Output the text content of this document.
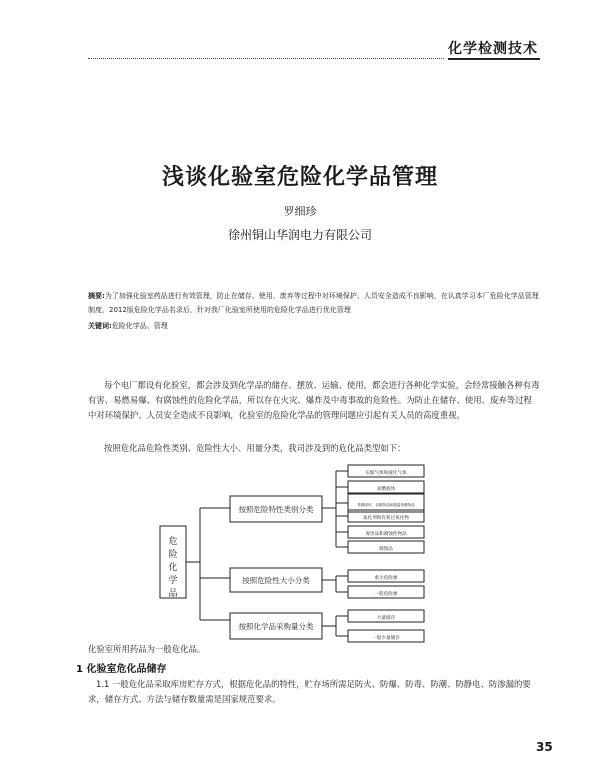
化学检测技术
浅谈化验室危险化学品管理
罗细珍
徐州铜山华润电力有限公司
摘要:为了加强化验室药品进行有效管理，防止在储存、使用、废弃等过程中对环境保护、人员安全造成不良影响，在认真学习本厂危险化学品管理制度，2012版危险化学品名录后，针对我厂化验室所使用的危险化学品进行优化管理
关键词:危险化学品、管理
每个电厂都设有化验室，都会涉及到化学品的储存、摆放、运输、使用，都会进行各种化学实验，会经常接触各种有毒有害、易燃易爆、有腐蚀性的危险化学品，所以存在火灾、爆炸及中毒事故的危险性。为防止在储存、使用、废弃等过程中对环境保护、人员安全造成不良影响，化验室的危险化学品的管理问题应引起有关人员的高度重视。
按照危化品危险性类别、危险性大小、用量分类，我司涉及到的危化品类型如下：
危
险
化
学
品
按照危险特性类别分类
按照危险性大小分类
按照化学品采购量分类
压缩气体和液化气体
易燃液体
易燃固体、自燃物品和遇湿易燃物品
氧化剂和有机过氧化物
毒害品和腐蚀性物品
腐蚀品
重大危险源
一般危险源
大量储存
一般少量储存
化验室所用药品为一般危化品。
1 化验室危化品储存
1.1 一般危化品采取库房贮存方式，根据危化品的特性，贮存场所需足防火、防爆、防毒、防潮、防静电、防渗漏的要求，储存方式、方法与储存数量需是国家规范要求。
35
